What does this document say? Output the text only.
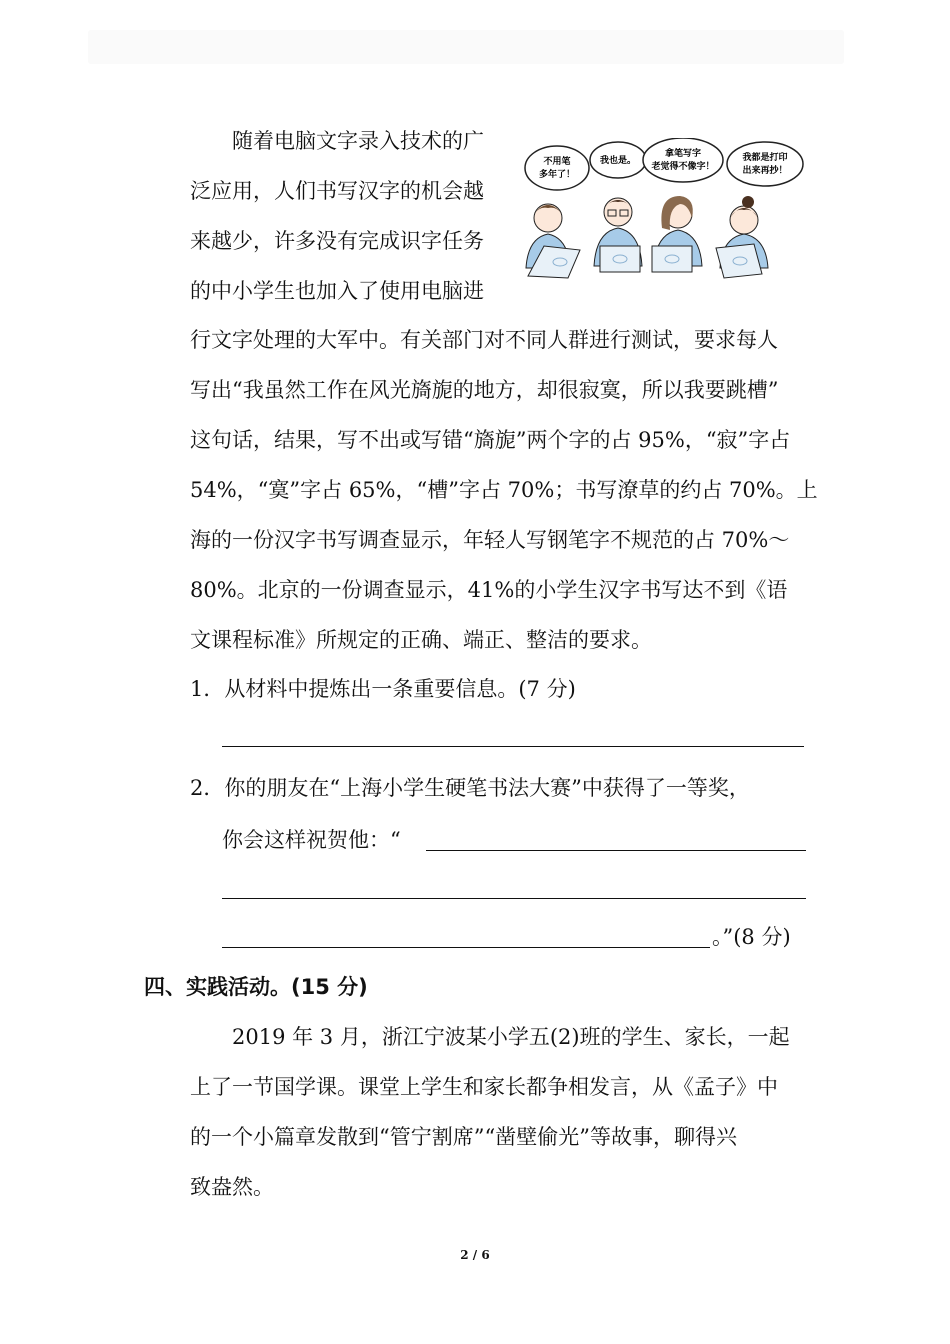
随着电脑文字录入技术的广
泛应用，人们书写汉字的机会越
来越少，许多没有完成识字任务
的中小学生也加入了使用电脑进
不用笔
多年了！
我也是。
拿笔写字
老觉得不像字！
我都是打印
出来再抄！
行文字处理的大军中。有关部门对不同人群进行测试，要求每人
写出“我虽然工作在风光旖旎的地方，却很寂寞，所以我要跳槽”
这句话，结果，写不出或写错“旖旎”两个字的占 95%，“寂”字占
54%，“寞”字占 65%，“槽”字占 70%；书写潦草的约占 70%。上
海的一份汉字书写调查显示，年轻人写钢笔字不规范的占 70%～
80%。北京的一份调查显示，41%的小学生汉字书写达不到《语
文课程标准》所规定的正确、端正、整洁的要求。
1．从材料中提炼出一条重要信息。(7 分)
2．你的朋友在“上海小学生硬笔书法大赛”中获得了一等奖，
你会这样祝贺他：“
。”(8 分)
四、实践活动。(15 分)
2019 年 3 月，浙江宁波某小学五(2)班的学生、家长，一起
上了一节国学课。课堂上学生和家长都争相发言，从《孟子》中
的一个小篇章发散到“管宁割席”“凿壁偷光”等故事，聊得兴
致盎然。
2 / 6
